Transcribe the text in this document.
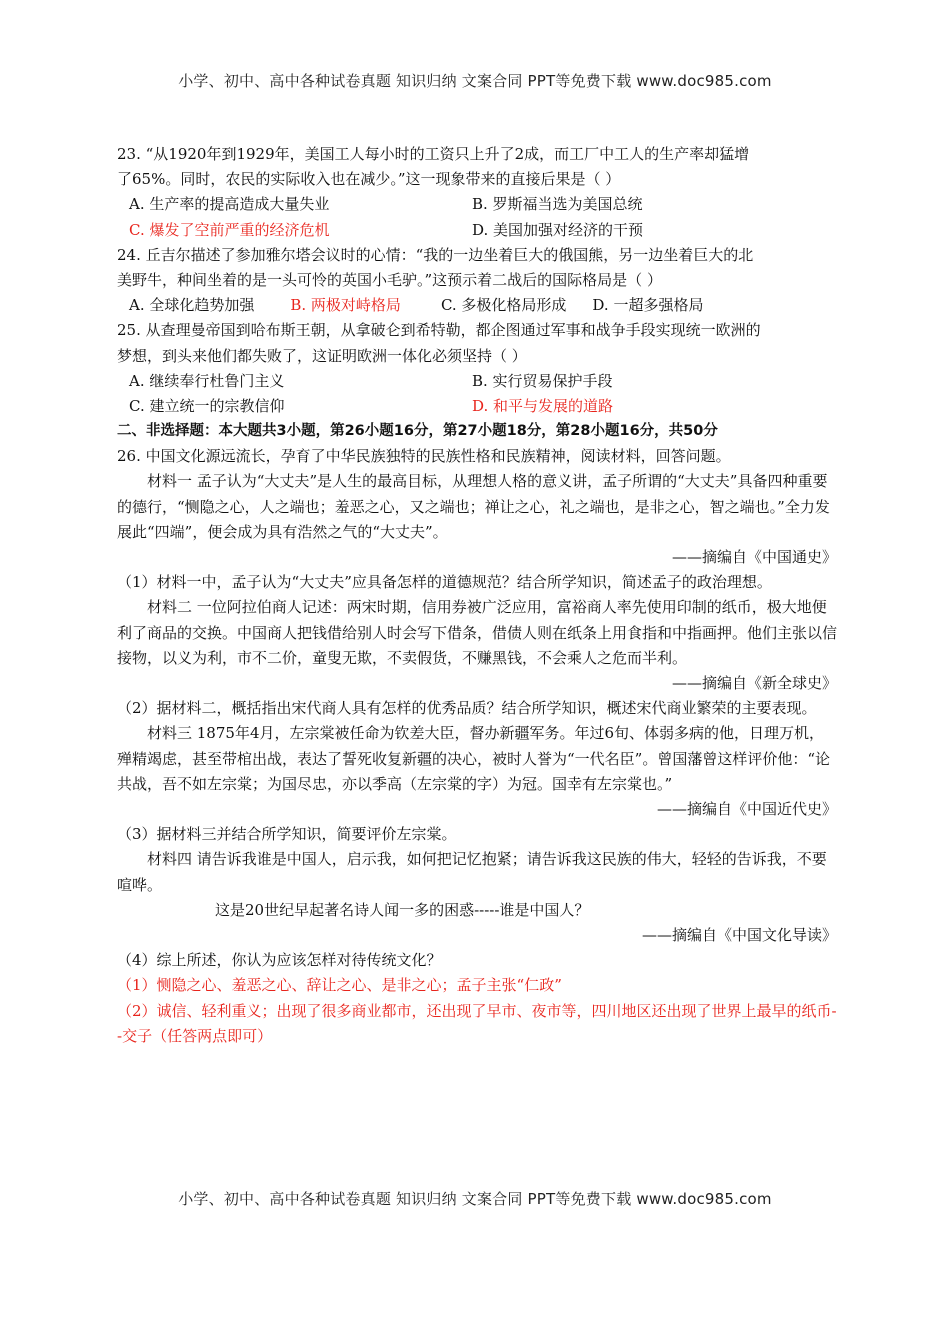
小学、初中、高中各种试卷真题 知识归纳 文案合同 PPT等免费下载 www.doc985.com
23. “从1920年到1929年，美国工人每小时的工资只上升了2成，而工厂中工人的生产率却猛增
了65%。同时，农民的实际收入也在减少。”这一现象带来的直接后果是（ ）
A. 生产率的提高造成大量失业	B. 罗斯福当选为美国总统
C. 爆发了空前严重的经济危机	D. 美国加强对经济的干预
24. 丘吉尔描述了参加雅尔塔会议时的心情：“我的一边坐着巨大的俄国熊，另一边坐着巨大的北
美野牛，种间坐着的是一头可怜的英国小毛驴。”这预示着二战后的国际格局是（ ）
A. 全球化趋势加强 B. 两极对峙格局	C. 多极化格局形成 D. 一超多强格局
25. 从查理曼帝国到哈布斯王朝，从拿破仑到希特勒，都企图通过军事和战争手段实现统一欧洲的
梦想，到头来他们都失败了，这证明欧洲一体化必须坚持（ ）
A. 继续奉行杜鲁门主义	B. 实行贸易保护手段
C. 建立统一的宗教信仰	D. 和平与发展的道路
二、非选择题：本大题共3小题，第26小题16分，第27小题18分，第28小题16分，共50分
26. 中国文化源远流长，孕育了中华民族独特的民族性格和民族精神，阅读材料，回答问题。
材料一 孟子认为“大丈夫”是人生的最高目标，从理想人格的意义讲，孟子所谓的“大丈夫”具备四种重要的德行，“恻隐之心，人之端也；羞恶之心，又之端也；禅让之心，礼之端也，是非之心，智之端也。”全力发展此“四端”，便会成为具有浩然之气的“大丈夫”。
——摘编自《中国通史》
（1）材料一中，孟子认为“大丈夫”应具备怎样的道德规范？结合所学知识，简述孟子的政治理想。
材料二 一位阿拉伯商人记述：两宋时期，信用券被广泛应用，富裕商人率先使用印制的纸币，极大地便利了商品的交换。中国商人把钱借给别人时会写下借条，借债人则在纸条上用食指和中指画押。他们主张以信接物，以义为利，市不二价，童叟无欺，不卖假货，不赚黑钱，不会乘人之危而半利。
——摘编自《新全球史》
（2）据材料二，概括指出宋代商人具有怎样的优秀品质？结合所学知识，概述宋代商业繁荣的主要表现。
材料三 1875年4月，左宗棠被任命为钦差大臣，督办新疆军务。年过6旬、体弱多病的他，日理万机，殚精竭虑，甚至带棺出战，表达了誓死收复新疆的决心，被时人誉为“一代名臣”。曾国藩曾这样评价他：“论共战，吾不如左宗棠；为国尽忠，亦以季高（左宗棠的字）为冠。国幸有左宗棠也。”
——摘编自《中国近代史》
（3）据材料三并结合所学知识，简要评价左宗棠。
材料四 请告诉我谁是中国人，启示我，如何把记忆抱紧；请告诉我这民族的伟大，轻轻的告诉我，不要喧哗。
这是20世纪早起著名诗人闻一多的困惑-----谁是中国人？
——摘编自《中国文化导读》
（4）综上所述，你认为应该怎样对待传统文化？
（1）恻隐之心、羞恶之心、辞让之心、是非之心；孟子主张“仁政”
（2）诚信、轻利重义；出现了很多商业都市，还出现了早市、夜市等，四川地区还出现了世界上最早的纸币--交子（任答两点即可）
小学、初中、高中各种试卷真题 知识归纳 文案合同 PPT等免费下载 www.doc985.com
